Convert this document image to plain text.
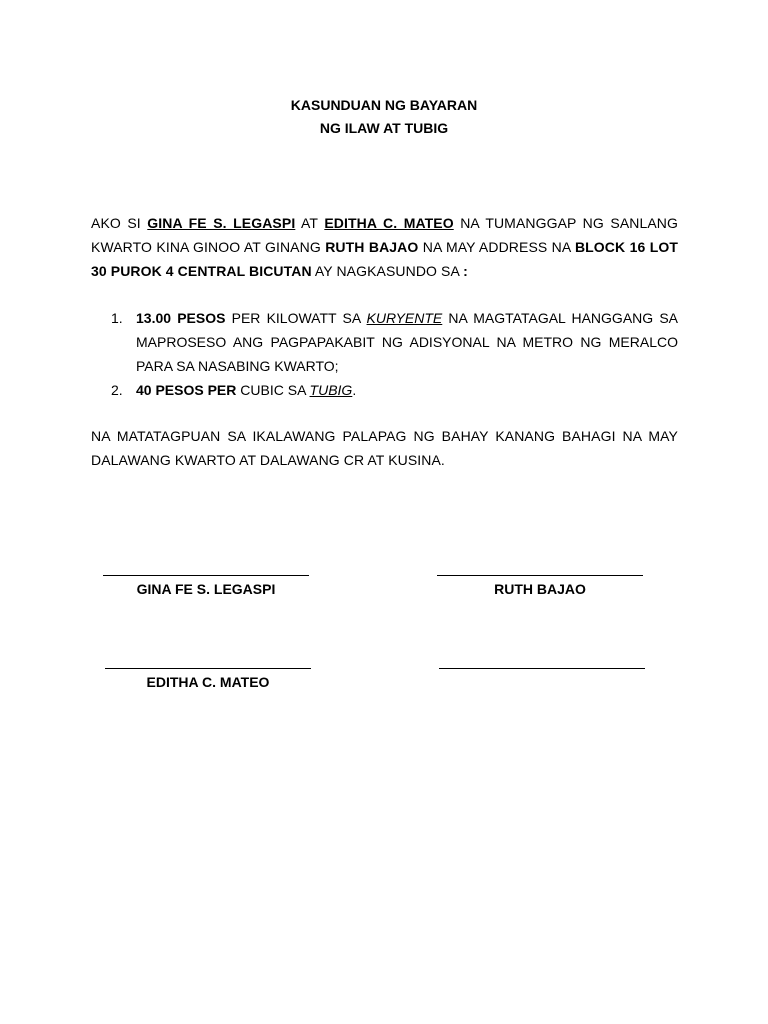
KASUNDUAN NG BAYARAN
NG ILAW AT TUBIG
AKO SI GINA FE S. LEGASPI AT EDITHA C. MATEO NA TUMANGGAP NG SANLANG KWARTO KINA GINOO AT GINANG RUTH BAJAO NA MAY ADDRESS NA BLOCK 16 LOT 30 PUROK 4 CENTRAL BICUTAN AY NAGKASUNDO SA :
1. 13.00 PESOS PER KILOWATT SA KURYENTE NA MAGTATAGAL HANGGANG SA MAPROSESO ANG PAGPAPAKABIT NG ADISYONAL NA METRO NG MERALCO PARA SA NASABING KWARTO;
2. 40 PESOS PER CUBIC SA TUBIG.
NA MATATAGPUAN SA IKALAWANG PALAPAG NG BAHAY KANANG BAHAGI NA MAY DALAWANG KWARTO AT DALAWANG CR AT KUSINA.
GINA FE S. LEGASPI	RUTH BAJAO
EDITHA C. MATEO
